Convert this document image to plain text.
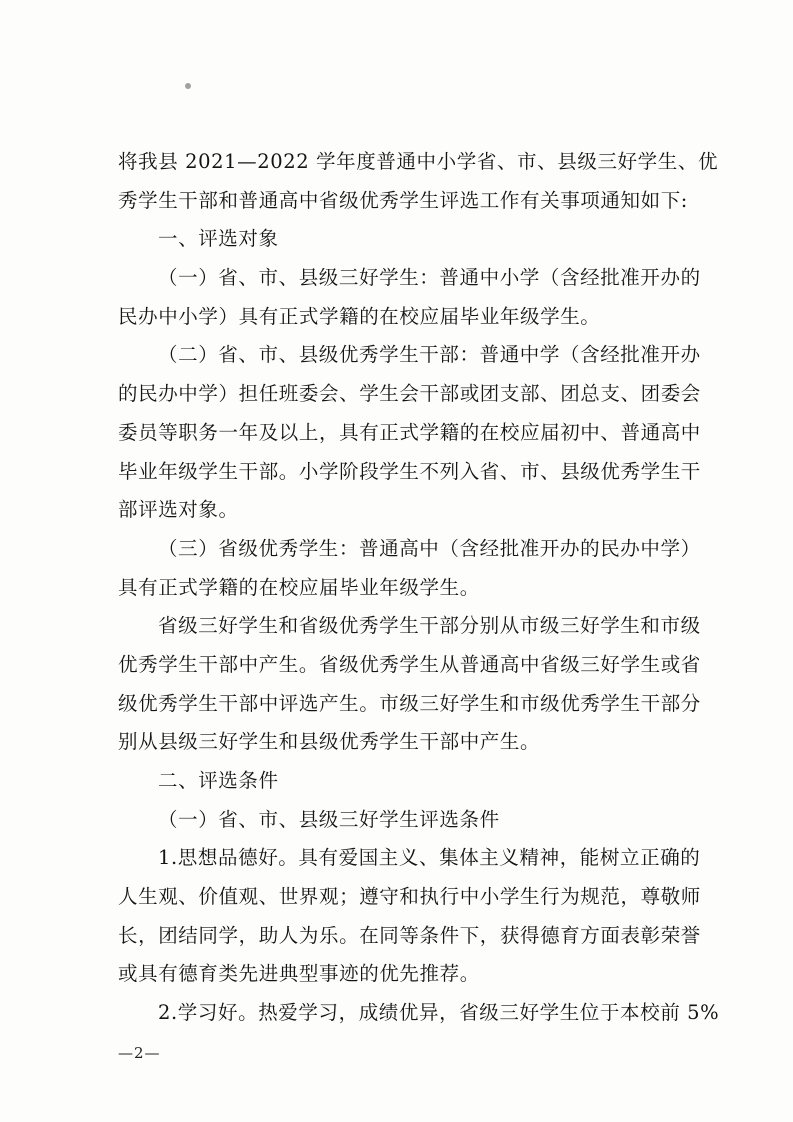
将我县 2021—2022 学年度普通中小学省、市、县级三好学生、优
秀学生干部和普通高中省级优秀学生评选工作有关事项通知如下:
一、评选对象
（一）省、市、县级三好学生：普通中小学（含经批准开办的
民办中小学）具有正式学籍的在校应届毕业年级学生。
（二）省、市、县级优秀学生干部：普通中学（含经批准开办
的民办中学）担任班委会、学生会干部或团支部、团总支、团委会
委员等职务一年及以上，具有正式学籍的在校应届初中、普通高中
毕业年级学生干部。小学阶段学生不列入省、市、县级优秀学生干
部评选对象。
（三）省级优秀学生：普通高中（含经批准开办的民办中学）
具有正式学籍的在校应届毕业年级学生。
省级三好学生和省级优秀学生干部分别从市级三好学生和市级
优秀学生干部中产生。省级优秀学生从普通高中省级三好学生或省
级优秀学生干部中评选产生。市级三好学生和市级优秀学生干部分
别从县级三好学生和县级优秀学生干部中产生。
二、评选条件
（一）省、市、县级三好学生评选条件
1.思想品德好。具有爱国主义、集体主义精神，能树立正确的
人生观、价值观、世界观；遵守和执行中小学生行为规范，尊敬师
长，团结同学，助人为乐。在同等条件下，获得德育方面表彰荣誉
或具有德育类先进典型事迹的优先推荐。
2.学习好。热爱学习，成绩优异，省级三好学生位于本校前 5%
—2—
